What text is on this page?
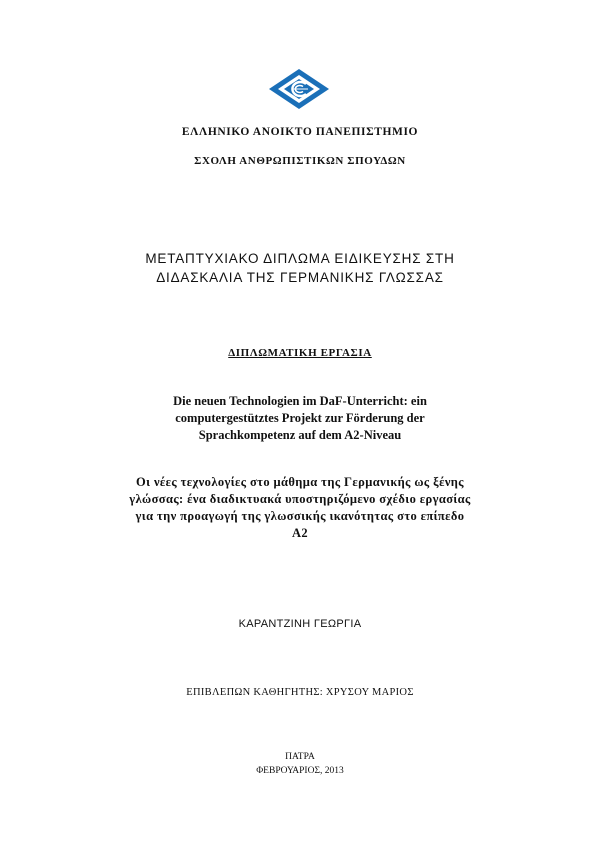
ΕΛΛΗΝΙΚΟ ΑΝΟΙΚΤΟ ΠΑΝΕΠΙΣΤΗΜΙΟ
ΣΧΟΛΗ ΑΝΘΡΩΠΙΣΤΙΚΩΝ ΣΠΟΥΔΩΝ
ΜΕΤΑΠΤΥΧΙΑΚΟ ΔΙΠΛΩΜΑ ΕΙΔΙΚΕΥΣΗΣ ΣΤΗ
ΔΙΔΑΣΚΑΛΙΑ ΤΗΣ ΓΕΡΜΑΝΙΚΗΣ ΓΛΩΣΣΑΣ
ΔΙΠΛΩΜΑΤΙΚΗ ΕΡΓΑΣΙΑ
Die neuen Technologien im DaF-Unterricht: ein
computergestütztes Projekt zur Förderung der
Sprachkompetenz auf dem A2-Niveau
Οι νέες τεχνολογίες στο μάθημα της Γερμανικής ως ξένης
γλώσσας: ένα διαδικτυακά υποστηριζόμενο σχέδιο εργασίας
για την προαγωγή της γλωσσικής ικανότητας στο επίπεδο
Α2
ΚΑΡΑΝΤΖΙΝΗ ΓΕΩΡΓΙΑ
ΕΠΙΒΛΕΠΩΝ ΚΑΘΗΓΗΤΗΣ: ΧΡΥΣΟΥ ΜΑΡΙΟΣ
ΠΑΤΡΑ
ΦΕΒΡΟΥΑΡΙΟΣ, 2013
